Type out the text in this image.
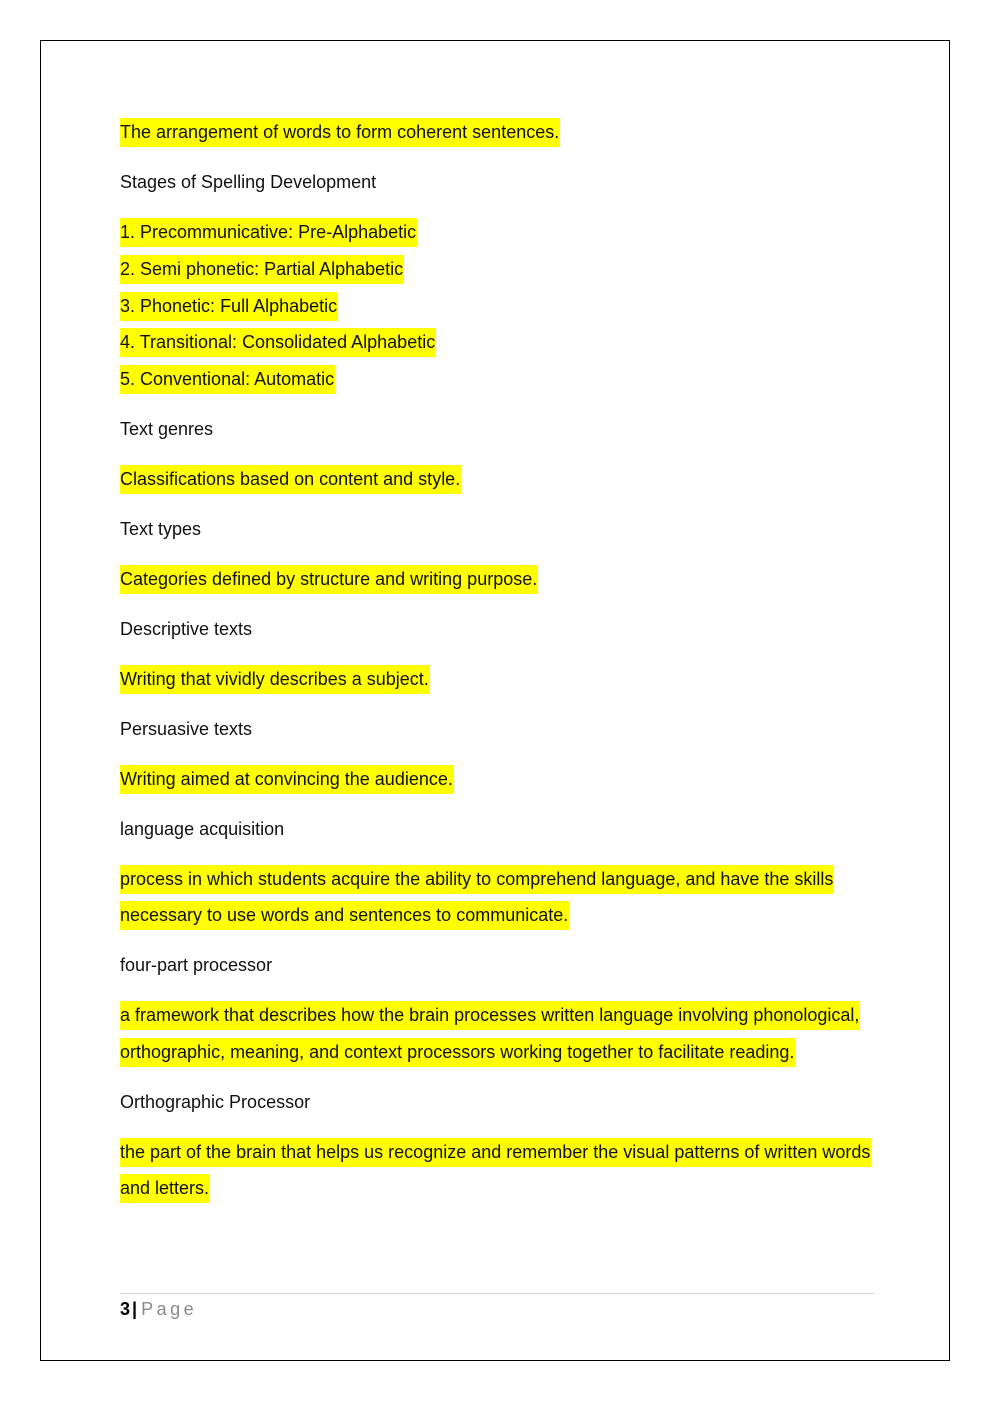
The arrangement of words to form coherent sentences.

Stages of Spelling Development

1. Precommunicative: Pre-Alphabetic

2. Semi phonetic: Partial Alphabetic

3. Phonetic: Full Alphabetic

4. Transitional: Consolidated Alphabetic

5. Conventional: Automatic

Text genres

Classifications based on content and style.

Text types

Categories defined by structure and writing purpose.

Descriptive texts

Writing that vividly describes a subject.

Persuasive texts

Writing aimed at convincing the audience.

language acquisition

process in which students acquire the ability to comprehend language, and have the skills necessary to use words and sentences to communicate.

four-part processor

a framework that describes how the brain processes written language involving phonological, orthographic, meaning, and context processors working together to facilitate reading.

Orthographic Processor

the part of the brain that helps us recognize and remember the visual patterns of written words and letters.

3 | Page
